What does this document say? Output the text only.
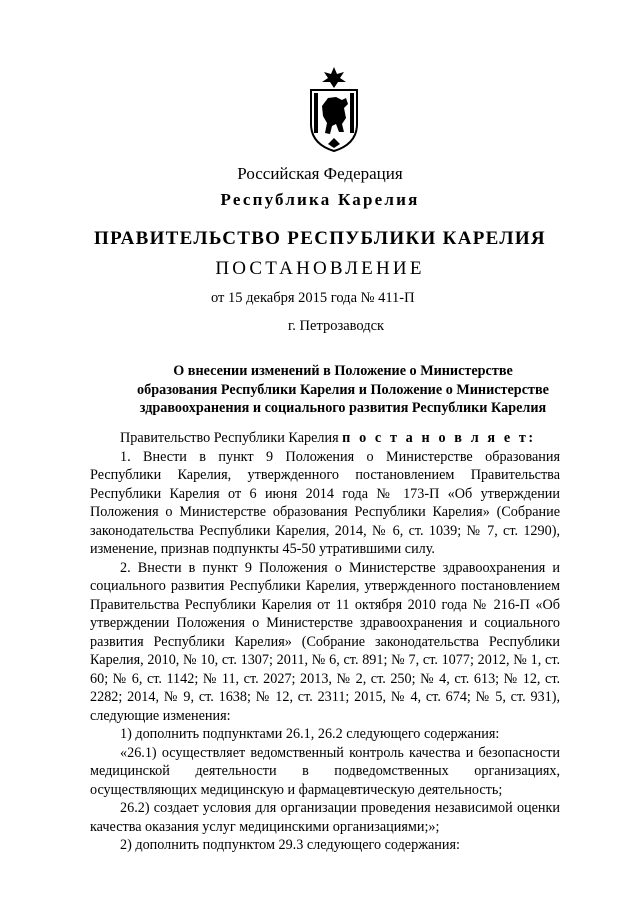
Российская Федерация
Республика Карелия
ПРАВИТЕЛЬСТВО РЕСПУБЛИКИ КАРЕЛИЯ
ПОСТАНОВЛЕНИЕ
от 15 декабря 2015 года № 411-П
г. Петрозаводск
О внесении изменений в Положение о Министерстве
образования Республики Карелия и Положение о Министерстве
здравоохранения и социального развития Республики Карелия

Правительство Республики Карелия п о с т а н о в л я е т:

1. Внести в пункт 9 Положения о Министерстве образования Республики Карелия, утвержденного постановлением Правительства Республики Карелия от 6 июня 2014 года № 173-П «Об утверждении Положения о Министерстве образования Республики Карелия» (Собрание законодательства Республики Карелия, 2014, № 6, ст. 1039; № 7, ст. 1290), изменение, признав подпункты 45-50 утратившими силу.

2. Внести в пункт 9 Положения о Министерстве здравоохранения и социального развития Республики Карелия, утвержденного постановлением Правительства Республики Карелия от 11 октября 2010 года № 216-П «Об утверждении Положения о Министерстве здравоохранения и социального развития Республики Карелия» (Собрание законодательства Республики Карелия, 2010, № 10, ст. 1307; 2011, № 6, ст. 891; № 7, ст. 1077; 2012, № 1, ст. 60; № 6, ст. 1142; № 11, ст. 2027; 2013, № 2, ст. 250; № 4, ст. 613; № 12, ст. 2282; 2014, № 9, ст. 1638; № 12, ст. 2311; 2015, № 4, ст. 674; № 5, ст. 931), следующие изменения:

1) дополнить подпунктами 26.1, 26.2 следующего содержания:

«26.1) осуществляет ведомственный контроль качества и безопасности медицинской деятельности в подведомственных организациях, осуществляющих медицинскую и фармацевтическую деятельность;

26.2) создает условия для организации проведения независимой оценки качества оказания услуг медицинскими организациями;»;

2) дополнить подпунктом 29.3 следующего содержания:
